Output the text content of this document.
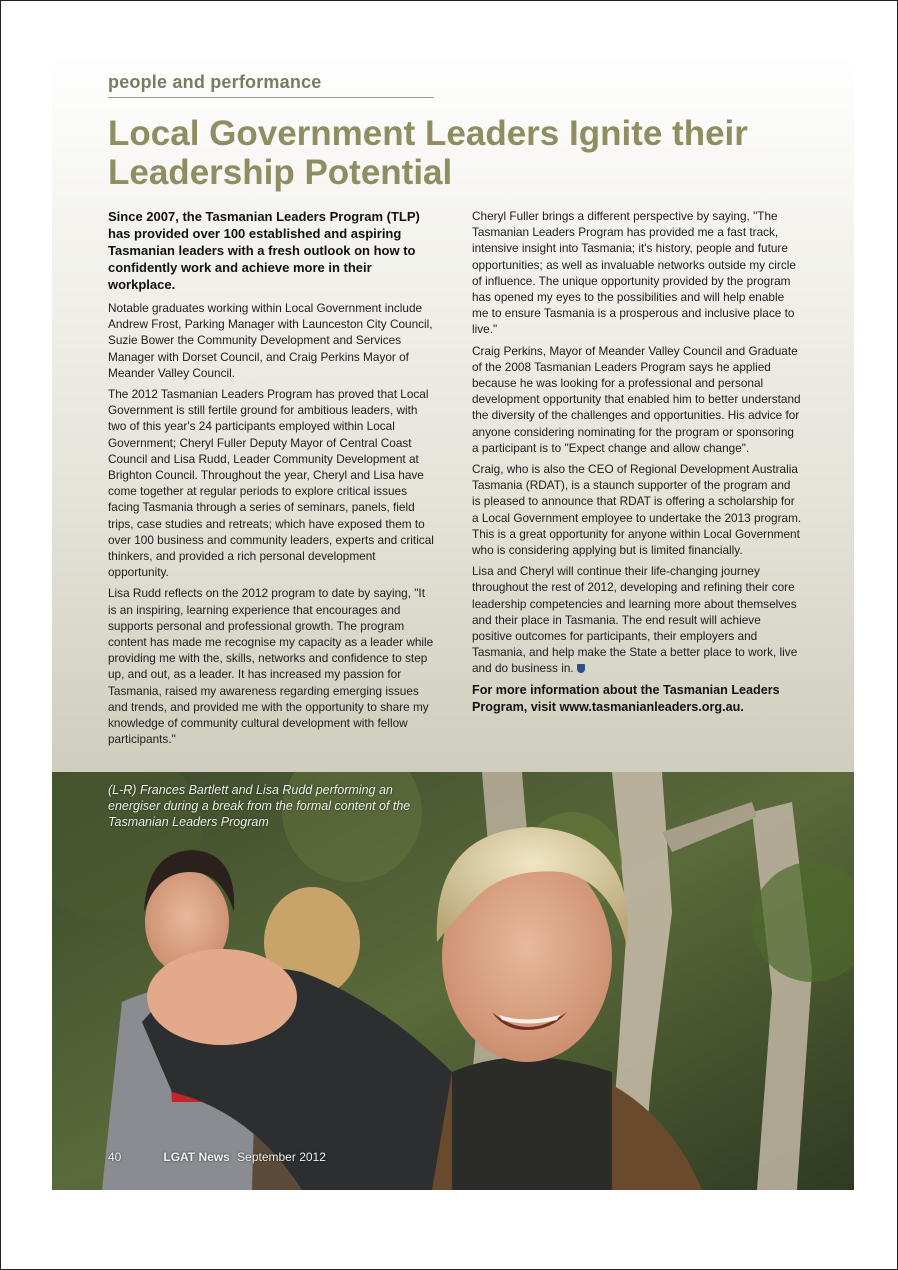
people and performance
Local Government Leaders Ignite their Leadership Potential

Since 2007, the Tasmanian Leaders Program (TLP) has provided over 100 established and aspiring Tasmanian leaders with a fresh outlook on how to confidently work and achieve more in their workplace.

Notable graduates working within Local Government include Andrew Frost, Parking Manager with Launceston City Council, Suzie Bower the Community Development and Services Manager with Dorset Council, and Craig Perkins Mayor of Meander Valley Council.

The 2012 Tasmanian Leaders Program has proved that Local Government is still fertile ground for ambitious leaders, with two of this year's 24 participants employed within Local Government; Cheryl Fuller Deputy Mayor of Central Coast Council and Lisa Rudd, Leader Community Development at Brighton Council. Throughout the year, Cheryl and Lisa have come together at regular periods to explore critical issues facing Tasmania through a series of seminars, panels, field trips, case studies and retreats; which have exposed them to over 100 business and community leaders, experts and critical thinkers, and provided a rich personal development opportunity.

Lisa Rudd reflects on the 2012 program to date by saying, "It is an inspiring, learning experience that encourages and supports personal and professional growth. The program content has made me recognise my capacity as a leader while providing me with the, skills, networks and confidence to step up, and out, as a leader. It has increased my passion for Tasmania, raised my awareness regarding emerging issues and trends, and provided me with the opportunity to share my knowledge of community cultural development with fellow participants."

Cheryl Fuller brings a different perspective by saying, "The Tasmanian Leaders Program has provided me a fast track, intensive insight into Tasmania; it's history, people and future opportunities; as well as invaluable networks outside my circle of influence. The unique opportunity provided by the program has opened my eyes to the possibilities and will help enable me to ensure Tasmania is a prosperous and inclusive place to live."

Craig Perkins, Mayor of Meander Valley Council and Graduate of the 2008 Tasmanian Leaders Program says he applied because he was looking for a professional and personal development opportunity that enabled him to better understand the diversity of the challenges and opportunities. His advice for anyone considering nominating for the program or sponsoring a participant is to "Expect change and allow change".

Craig, who is also the CEO of Regional Development Australia Tasmania (RDAT), is a staunch supporter of the program and is pleased to announce that RDAT is offering a scholarship for a Local Government employee to undertake the 2013 program. This is a great opportunity for anyone within Local Government who is considering applying but is limited financially.

Lisa and Cheryl will continue their life-changing journey throughout the rest of 2012, developing and refining their core leadership competencies and learning more about themselves and their place in Tasmania. The end result will achieve positive outcomes for participants, their employers and Tasmania, and help make the State a better place to work, live and do business in.

For more information about the Tasmanian Leaders Program, visit www.tasmanianleaders.org.au.

(L-R) Frances Bartlett and Lisa Rudd performing an energiser during a break from the formal content of the Tasmanian Leaders Program
40	LGAT News September 2012
